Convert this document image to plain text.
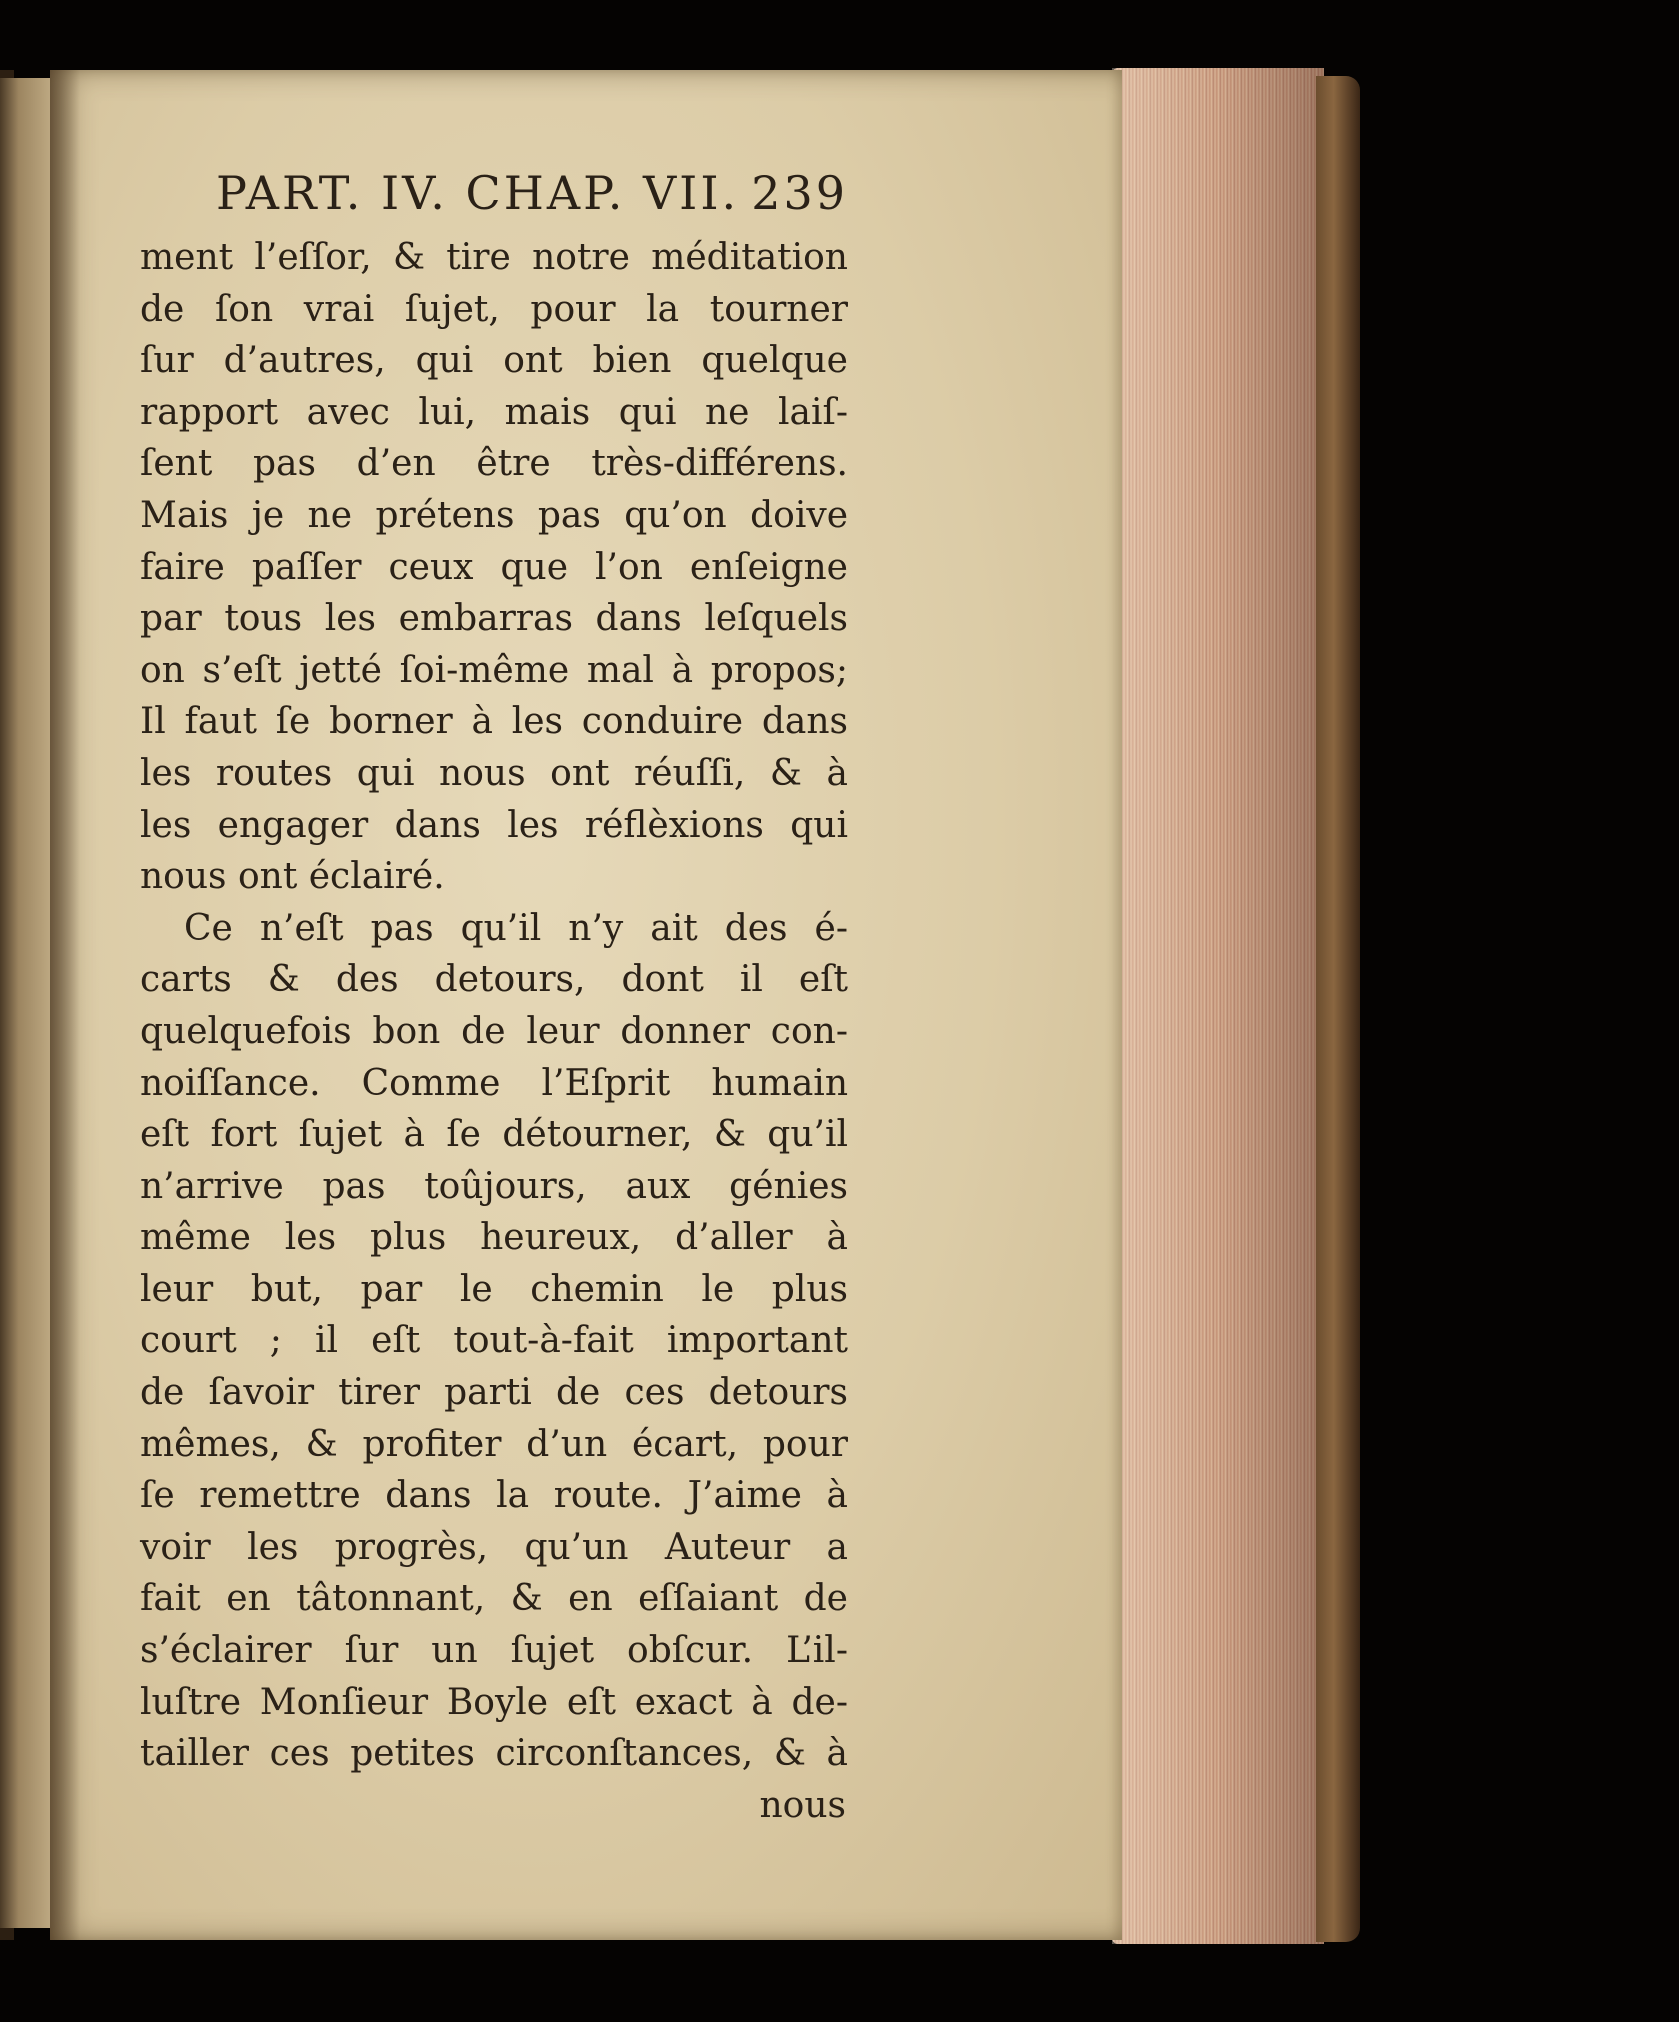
PART. IV. CHAP. VII. 239
ment l’eſſor, & tire notre méditation
de ſon vrai ſujet, pour la tourner
ſur d’autres, qui ont bien quelque
rapport avec lui, mais qui ne laiſ-
ſent pas d’en être très-différens.
Mais je ne prétens pas qu’on doive
faire paſſer ceux que l’on enſeigne
par tous les embarras dans leſquels
on s’eſt jetté ſoi-même mal à propos;
Il faut ſe borner à les conduire dans
les routes qui nous ont réuſſi, & à
les engager dans les réflèxions qui
nous ont éclairé.
Ce n’eſt pas qu’il n’y ait des é-
carts & des detours, dont il eſt
quelquefois bon de leur donner con-
noiſſance. Comme l’Eſprit humain
eſt fort ſujet à ſe détourner, & qu’il
n’arrive pas toûjours, aux génies
même les plus heureux, d’aller à
leur but, par le chemin le plus
court ; il eſt tout-à-fait important
de ſavoir tirer parti de ces detours
mêmes, & profiter d’un écart, pour
ſe remettre dans la route. J’aime à
voir les progrès, qu’un Auteur a
fait en tâtonnant, & en eſſaiant de
s’éclairer ſur un ſujet obſcur. L’il-
luſtre Monſieur Boyle eſt exact à de-
tailler ces petites circonſtances, & à
nous
